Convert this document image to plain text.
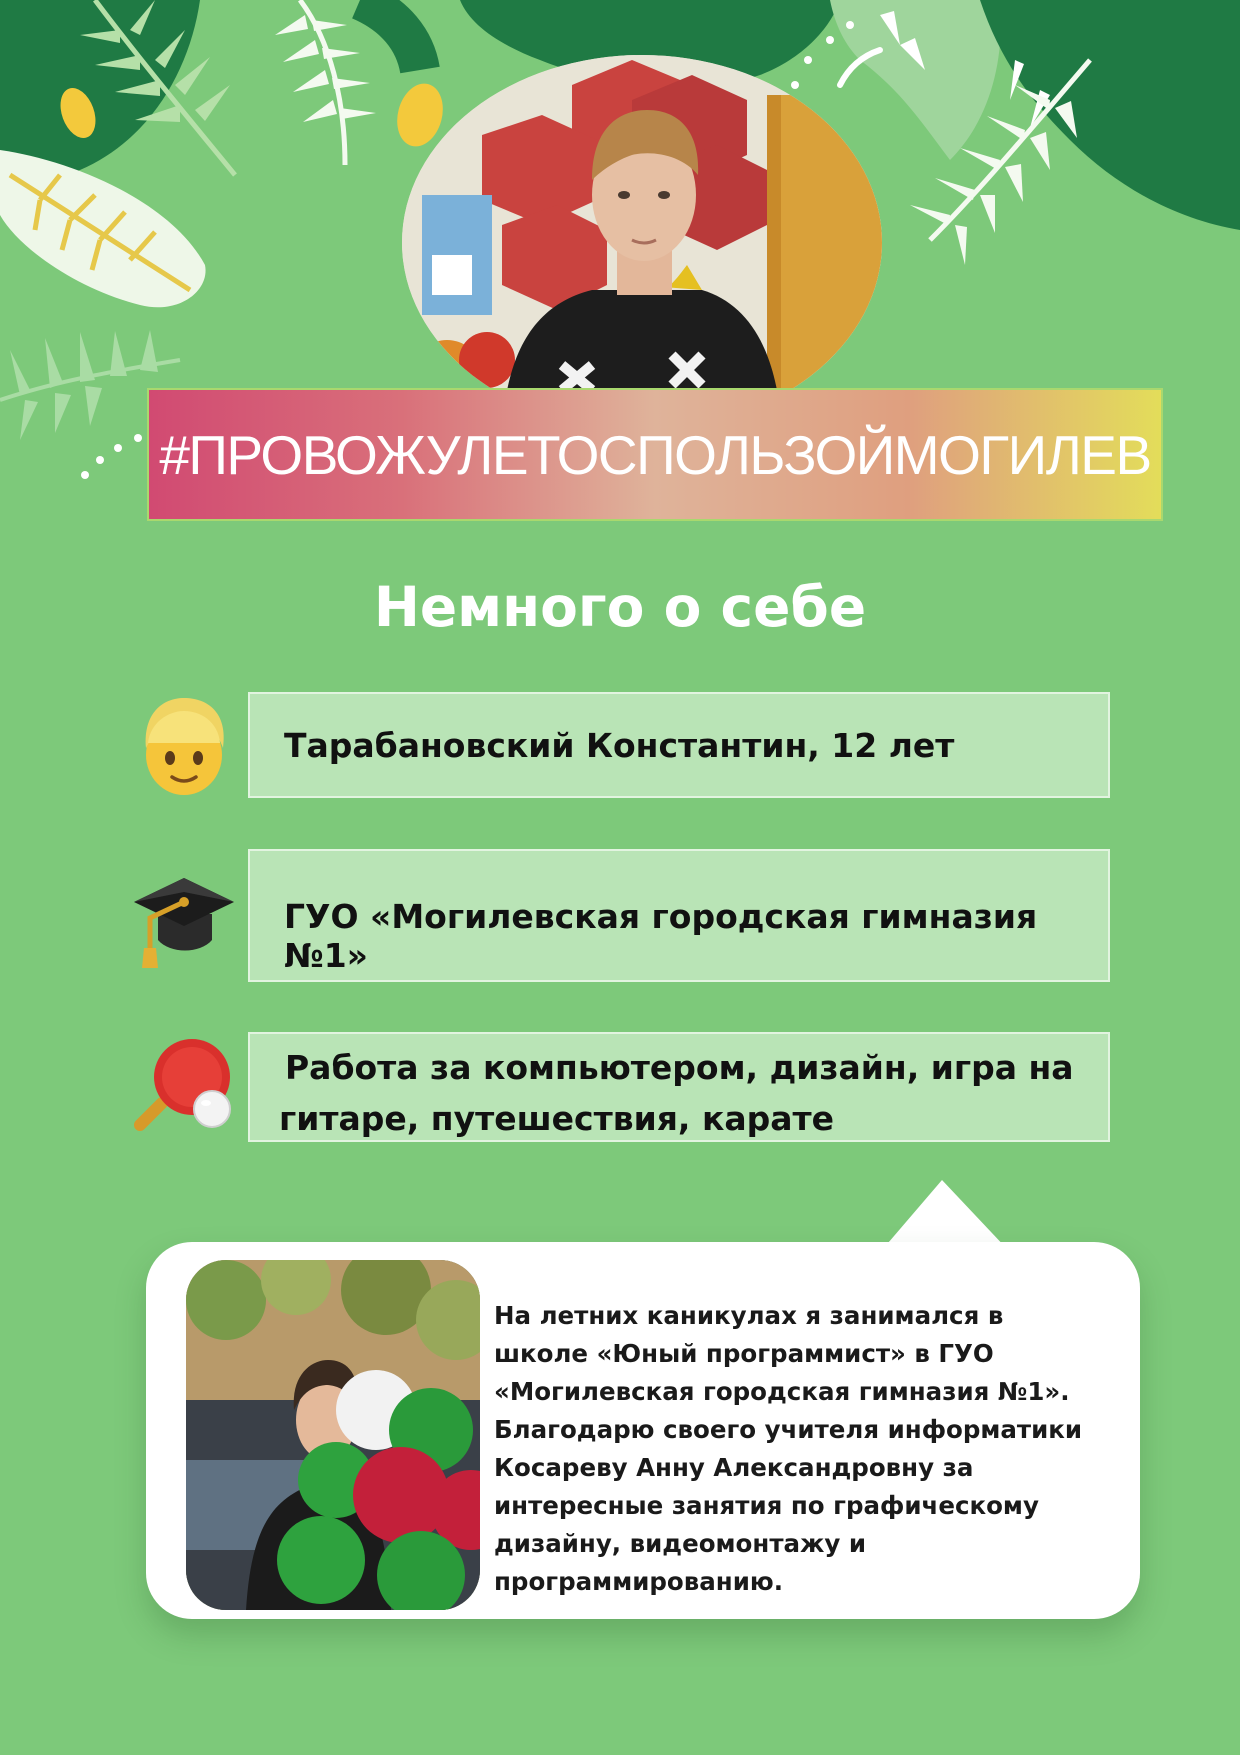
#ПРОВОЖУЛЕТОСПОЛЬЗОЙМОГИЛЕВ
Немного о себе
Тарабановский Константин, 12 лет
ГУО «Могилевская городская гимназия №1»
Работа за компьютером, дизайн, игра на
гитаре, путешествия, карате
На летних каникулах я занимался в школе «Юный программист» в ГУО «Могилевская городская гимназия №1». Благодарю своего учителя информатики Косареву Анну Александровну за интересные занятия по графическому дизайну, видеомонтажу и программированию.
